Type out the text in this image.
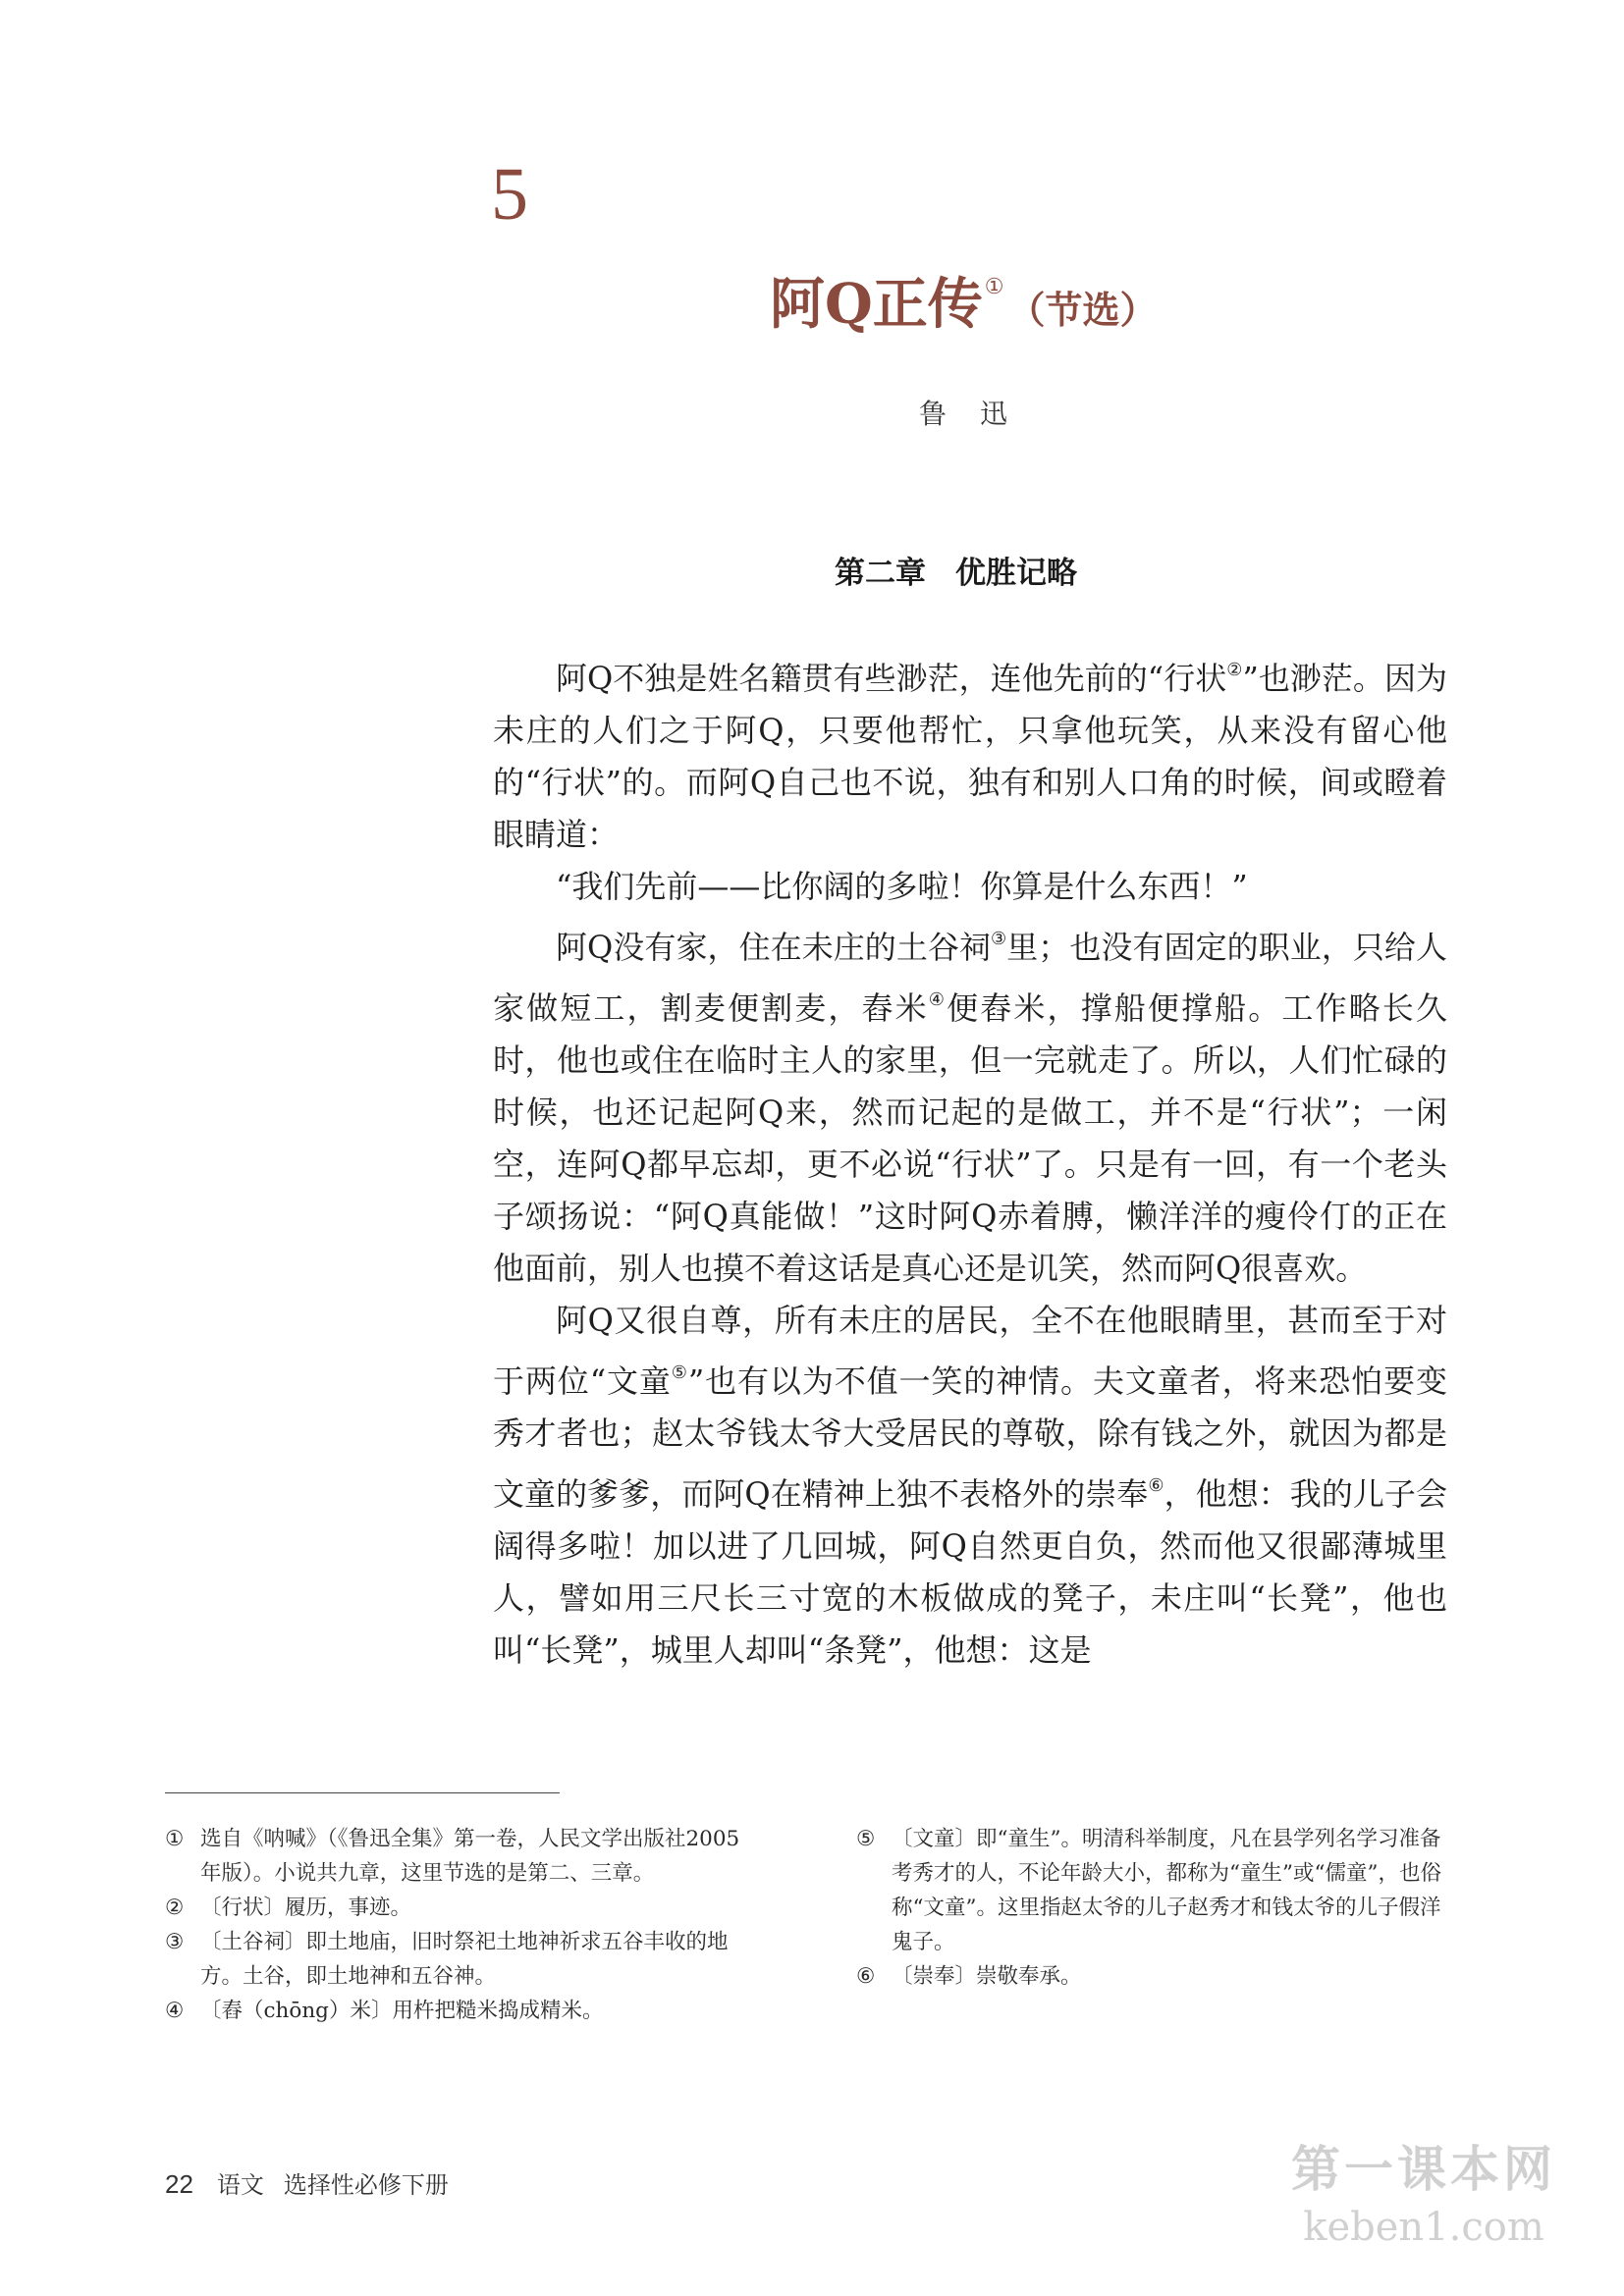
5
阿Q正传①（节选）
鲁迅
第二章 优胜记略

阿Q不独是姓名籍贯有些渺茫，连他先前的“行状②”也渺茫。因为未庄的人们之于阿Q，只要他帮忙，只拿他玩笑，从来没有留心他的“行状”的。而阿Q自己也不说，独有和别人口角的时候，间或瞪着眼睛道：

“我们先前——比你阔的多啦！你算是什么东西！”

阿Q没有家，住在未庄的土谷祠③里；也没有固定的职业，只给人家做短工，割麦便割麦，舂米④便舂米，撑船便撑船。工作略长久时，他也或住在临时主人的家里，但一完就走了。所以，人们忙碌的时候，也还记起阿Q来，然而记起的是做工，并不是“行状”；一闲空，连阿Q都早忘却，更不必说“行状”了。只是有一回，有一个老头子颂扬说：“阿Q真能做！”这时阿Q赤着膊，懒洋洋的瘦伶仃的正在他面前，别人也摸不着这话是真心还是讥笑，然而阿Q很喜欢。

阿Q又很自尊，所有未庄的居民，全不在他眼睛里，甚而至于对于两位“文童⑤”也有以为不值一笑的神情。夫文童者，将来恐怕要变秀才者也；赵太爷钱太爷大受居民的尊敬，除有钱之外，就因为都是文童的爹爹，而阿Q在精神上独不表格外的崇奉⑥，他想：我的儿子会阔得多啦！加以进了几回城，阿Q自然更自负，然而他又很鄙薄城里人，譬如用三尺长三寸宽的木板做成的凳子，未庄叫“长凳”，他也叫“长凳”，城里人却叫“条凳”，他想：这是

① 选自《呐喊》（《鲁迅全集》第一卷，人民文学出版社2005年版）。小说共九章，这里节选的是第二、三章。
② 〔行状〕履历，事迹。
③ 〔土谷祠〕即土地庙，旧时祭祀土地神祈求五谷丰收的地方。土谷，即土地神和五谷神。
④ 〔舂（chōng）米〕用杵把糙米捣成精米。
⑤ 〔文童〕即“童生”。明清科举制度，凡在县学列名学习准备考秀才的人，不论年龄大小，都称为“童生”或“儒童”，也俗称“文童”。这里指赵太爷的儿子赵秀才和钱太爷的儿子假洋鬼子。
⑥ 〔崇奉〕崇敬奉承。
22 语文 选择性必修下册	第一课本网
keben1.com
